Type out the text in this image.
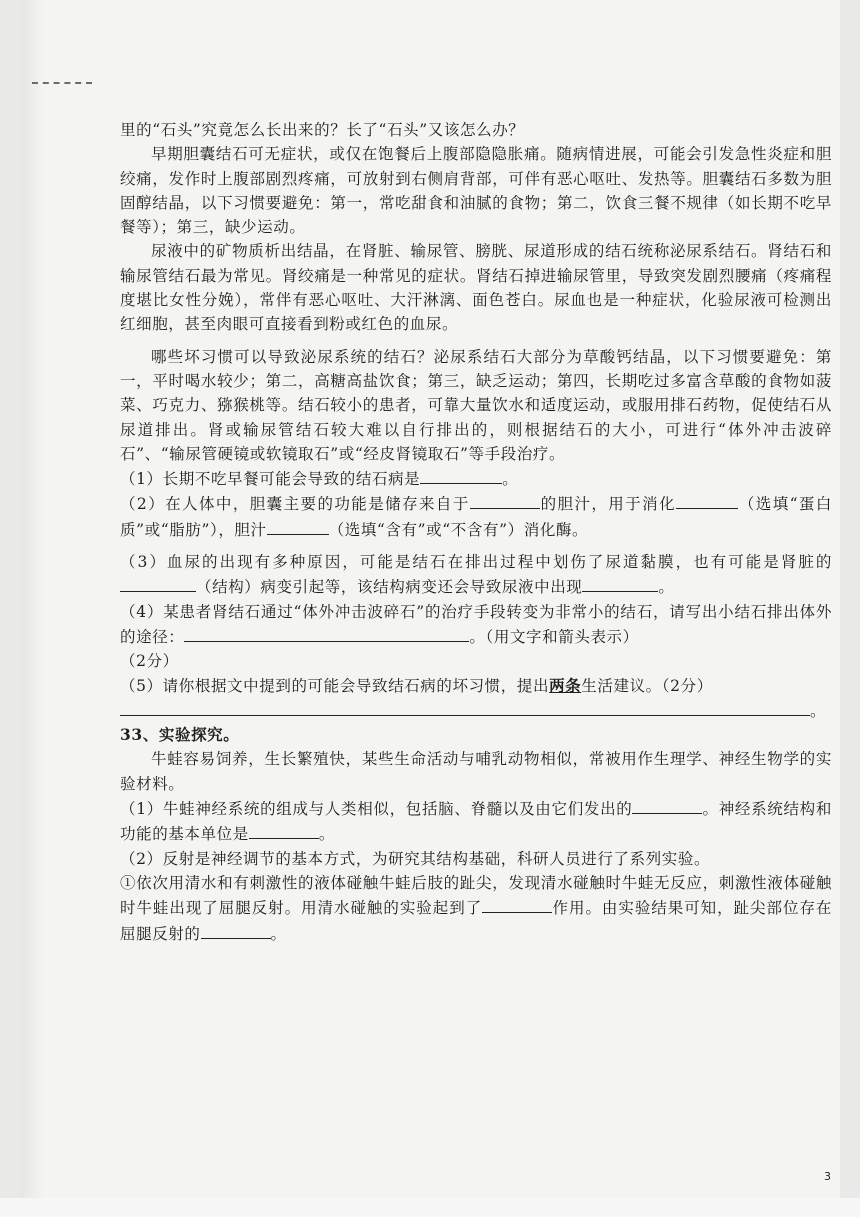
里的“石头”究竟怎么长出来的？长了“石头”又该怎么办？

早期胆囊结石可无症状，或仅在饱餐后上腹部隐隐胀痛。随病情进展，可能会引发急性炎症和胆绞痛，发作时上腹部剧烈疼痛，可放射到右侧肩背部，可伴有恶心呕吐、发热等。胆囊结石多数为胆固醇结晶，以下习惯要避免：第一，常吃甜食和油腻的食物；第二，饮食三餐不规律（如长期不吃早餐等）；第三，缺少运动。

尿液中的矿物质析出结晶，在肾脏、输尿管、膀胱、尿道形成的结石统称泌尿系结石。肾结石和输尿管结石最为常见。肾绞痛是一种常见的症状。肾结石掉进输尿管里，导致突发剧烈腰痛（疼痛程度堪比女性分娩），常伴有恶心呕吐、大汗淋漓、面色苍白。尿血也是一种症状，化验尿液可检测出红细胞，甚至肉眼可直接看到粉或红色的血尿。

哪些坏习惯可以导致泌尿系统的结石？泌尿系结石大部分为草酸钙结晶，以下习惯要避免：第一，平时喝水较少；第二，高糖高盐饮食；第三，缺乏运动；第四，长期吃过多富含草酸的食物如菠菜、巧克力、猕猴桃等。结石较小的患者，可靠大量饮水和适度运动，或服用排石药物，促使结石从尿道排出。肾或输尿管结石较大难以自行排出的，则根据结石的大小，可进行“体外冲击波碎石”、“输尿管硬镜或软镜取石”或“经皮肾镜取石”等手段治疗。

（1）长期不吃早餐可能会导致的结石病是	。

（2）在人体中，胆囊主要的功能是储存来自于	的胆汁，用于消化	（选填“蛋白质”或“脂肪”），胆汁	（选填“含有”或“不含有”）消化酶。

（3）血尿的出现有多种原因，可能是结石在排出过程中划伤了尿道黏膜，也有可能是肾脏的（结构）病变引起等，该结构病变还会导致尿液中出现	。

（4）某患者肾结石通过“体外冲击波碎石”的治疗手段转变为非常小的结石，请写出小结石排出体外的途径：	。（用文字和箭头表示）

（2分）

（5）请你根据文中提到的可能会导致结石病的坏习惯，提出两条生活建议。（2分）

。

33、实验探究。

牛蛙容易饲养，生长繁殖快，某些生命活动与哺乳动物相似，常被用作生理学、神经生物学的实验材料。

（1）牛蛙神经系统的组成与人类相似，包括脑、脊髓以及由它们发出的	。神经系统结构和功能的基本单位是	。

（2）反射是神经调节的基本方式，为研究其结构基础，科研人员进行了系列实验。

①依次用清水和有刺激性的液体碰触牛蛙后肢的趾尖，发现清水碰触时牛蛙无反应，刺激性液体碰触时牛蛙出现了屈腿反射。用清水碰触的实验起到了	作用。由实验结果可知，趾尖部位存在屈腿反射的	。

3
